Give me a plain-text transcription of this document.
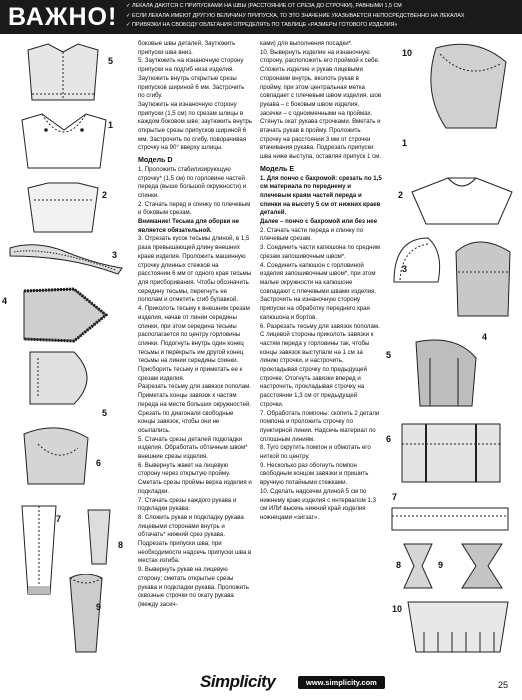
ВАЖНО!
✓	ЛЕКАЛА ДАЮТСЯ С ПРИПУСКАМИ НА ШВЫ (РАССТОЯНИЕ ОТ СРЕЗА ДО СТРОЧКИ), РАВНЫМИ 1,5 СМ
✓ ЕСЛИ ЛЕКАЛА ИМЕЮТ ДРУГУЮ ВЕЛИЧИНУ ПРИПУСКА, ТО ЭТО ЗНАЧЕНИЕ УКАЗЫВАЕТСЯ НЕПОСРЕДСТВЕННО НА ЛЕКАЛАХ
✓ ПРИВЯЗКИ НА СВОБОДУ ОБЛЕГАНИЯ ОПРЕДЕЛЯТЬ ПО ТАБЛИЦЕ «РАЗМЕРЫ ГОТОВОГО ИЗДЕЛИЯ»
5
1
2
3
4
5
6
7
8
9

боковые швы деталей. Заутюжить припуски шва вниз.

5. Заутюжить на изнаночную сторону припуски на подгиб низа изделия. Заутюжить внутрь открытые срезы припусков шириной 6 мм. Застрочить по сгибу.

Заутюжить на изнаночную сторону припуски (1,5 см) по срезам шлицы в каждом боковом шве; заутюжить внутрь открытые срезы припусков шириной 6 мм. Застрочить по сгибу, поворачивая строчку на 90° вверху шлицы.

Модель D

1. Проложить стабилизирующую строчку* (1,5 см) по горловине частей переда (выше большой окружности) и спинки.

2. Стачать перед и спинку по плечевым и боковым срезам.

Внимание! Тесьма для оборки не является обязательной.

3. Отрезать кусок тесьмы длиной, в 1,5 раза превышающей длину внешних краев изделия. Проложить машинную строчку длинных стежков на расстоянии 6 мм от одного края тесьмы для присборивания. Чтобы обозначить середину тесьмы, перегнуть ее пополам и отметить сгиб булавкой.

4. Приколоть тесьму к внешним срезам изделия, начав от линии середины спинки, при этом середина тесьмы располагается по центру горловины спинки. Подогнуть внутрь один конец тесьмы и перекрыть им другой конец тесьмы на линии середины спинки. Присборить тесьму и приметать ее к срезам изделия.

Разрезать тесьму для завязок пополам. Приметать концы завязок к частям переда на месте больших окружностей. Срезать по диагонали свободные концы завязок, чтобы они не осыпались.

5. Стачать срезы деталей подкладки изделия. Обработать обтачным швом* внешние срезы изделия.

6. Вывернуть жакет на лицевую сторону через открытую пройму. Сметать срезы проймы верха изделия и подкладки.

7. Стачать срезы каждого рукава и подкладки рукава.

8. Сложить рукав и подкладку рукава лицевыми сторонами внутрь и обтачать* нижний срез рукава. Подрезать припуски шва; при необходимости надсечь припуски шва в местах изгиба.

9. Вывернуть рукав на лицевую сторону; сметать открытые срезы рукава и подкладки рукава. Проложить сквозные строчки по окату рукава (между засеч-

ками) для выполнения посадки*.

10. Вывернуть изделие на изнаночную сторону, расположить его проймой к себе. Сложить изделие и рукав лицевыми сторонами внутрь, вколоть рукав в пройму, при этом центральная метка совпадает с плечевым швом изделия, шов рукава – с боковым швом изделия, засечки – с одноименными на проймах. Стянуть окат рукава строчками. Вметать и втачать рукав в пройму. Проложить строчку на расстоянии 3 мм от строчки втачивания рукава. Подрезать припуски шва ниже выступа, оставляя припуск 1 см.

Модель Е

1. Для пончо с бахромой: срезать по 1,5 см материала по переднему и плечевым краям частей переда и спинки на высоту 5 см от нижних краев деталей.

Далее – пончо с бахромой или без нее

2. Стачать части переда и спинку по плечевым срезам.

3. Соединить части капюшона по средним срезам запошивочным швом*.

4. Соединить капюшон с горловиной изделия запошивочным швом*, при этом малые окружности на капюшоне совпадают с плечевыми швами изделия. Застрочить на изнаночную сторону припуски на обработку переднего края капюшона и бортов.

6. Разрезать тесьму для завязок пополам. С лицевой стороны приколоть завязки к частям переда у горловины так, чтобы концы завязок выступали на 1 см за линию строчки, и настрочить, прокладывая строчку по предыдущей строчке. Отогнуть завязки вперед и настрочить, прокладывая строчку на расстоянии 1,3 см от предыдущей строчки.

7. Обработать помпоны: скопить 2 детали помпона и проложить строчку по пунктирной линии. Надсечь материал по сплошным линиям.

8. Туго скрутить помпон и обмотать его ниткой по центру.

9. Несколько раз обогнуть помпон свободным концом завязки и пришить вручную потайными стежками.

10. Сделать надсечки длиной 5 см по нижнему краю изделия с интервалом 1,3 см ИЛИ высечь нижний край изделия ножницами «зигзаг».

10
1
2
3
4
5
6
7
8	9
10
Simplicity	www.simplicity.com	25
